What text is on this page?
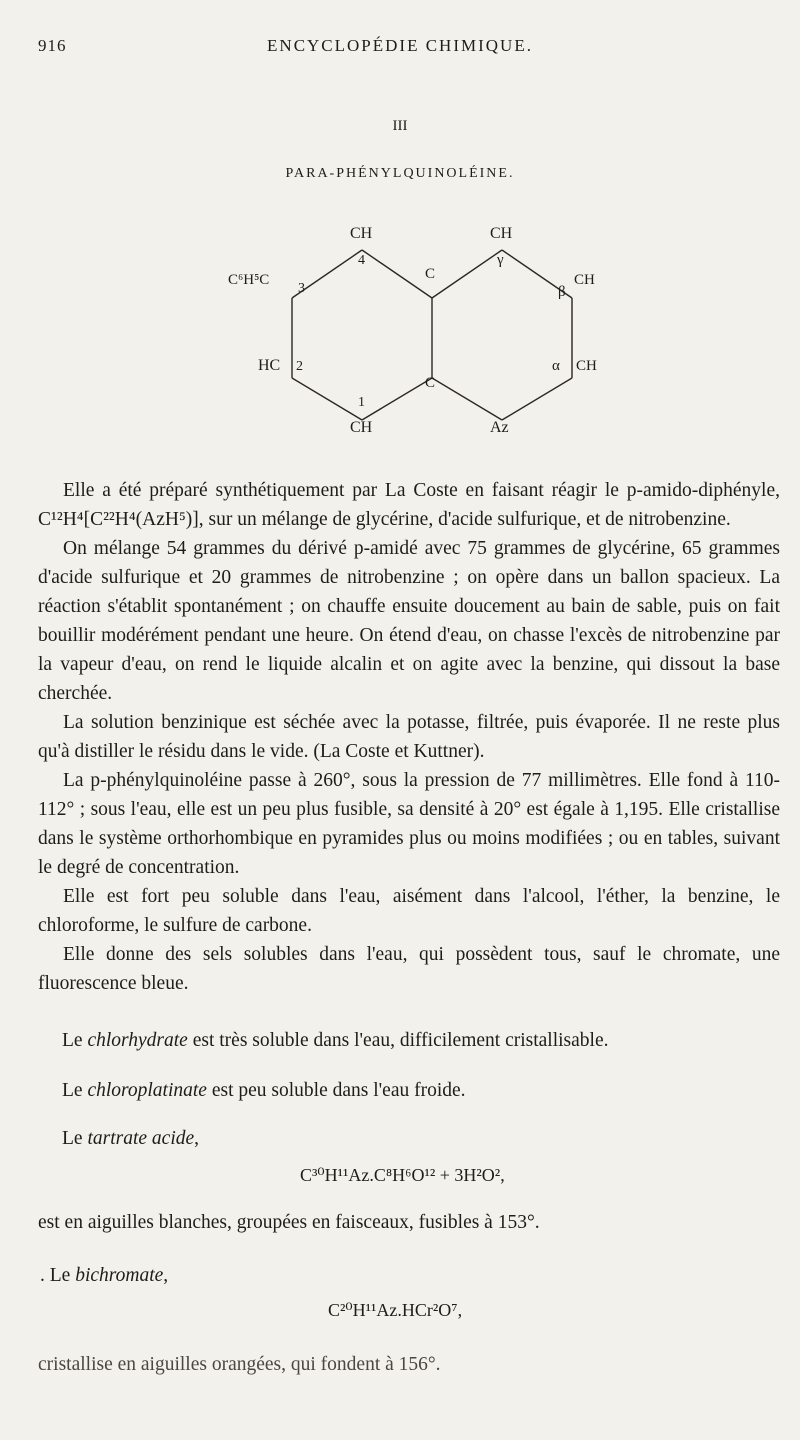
916	ENCYCLOPÉDIE CHIMIQUE.
III
PARA-PHÉNYLQUINOLÉINE.
CH	CH
C⁶H⁵C
HC
CH	Az
CH
CH
C
C
4
3
2
1
γ
β
α

Elle a été préparé synthétiquement par La Coste en faisant réagir le p-amido-diphényle, C¹²H⁴[C²²H⁴(AzH⁵)], sur un mélange de glycérine, d'acide sulfurique, et de nitrobenzine.

On mélange 54 grammes du dérivé p-amidé avec 75 grammes de glycérine, 65 grammes d'acide sulfurique et 20 grammes de nitrobenzine ; on opère dans un ballon spacieux. La réaction s'établit spontanément ; on chauffe ensuite doucement au bain de sable, puis on fait bouillir modérément pendant une heure. On étend d'eau, on chasse l'excès de nitrobenzine par la vapeur d'eau, on rend le liquide alcalin et on agite avec la benzine, qui dissout la base cherchée.

La solution benzinique est séchée avec la potasse, filtrée, puis évaporée. Il ne reste plus qu'à distiller le résidu dans le vide. (La Coste et Kuttner).

La p-phénylquinoléine passe à 260°, sous la pression de 77 millimètres. Elle fond à 110-112° ; sous l'eau, elle est un peu plus fusible, sa densité à 20° est égale à 1,195. Elle cristallise dans le système orthorhombique en pyramides plus ou moins modifiées ; ou en tables, suivant le degré de concentration.

Elle est fort peu soluble dans l'eau, aisément dans l'alcool, l'éther, la benzine, le chloroforme, le sulfure de carbone.

Elle donne des sels solubles dans l'eau, qui possèdent tous, sauf le chromate, une fluorescence bleue.

Le chlorhydrate est très soluble dans l'eau, difficilement cristallisable.
Le chloroplatinate est peu soluble dans l'eau froide.
Le tartrate acide,
C³⁰H¹¹Az.C⁸H⁶O¹² + 3H²O²,
est en aiguilles blanches, groupées en faisceaux, fusibles à 153°.
. Le bichromate,
C²⁰H¹¹Az.HCr²O⁷,
cristallise en aiguilles orangées, qui fondent à 156°.
